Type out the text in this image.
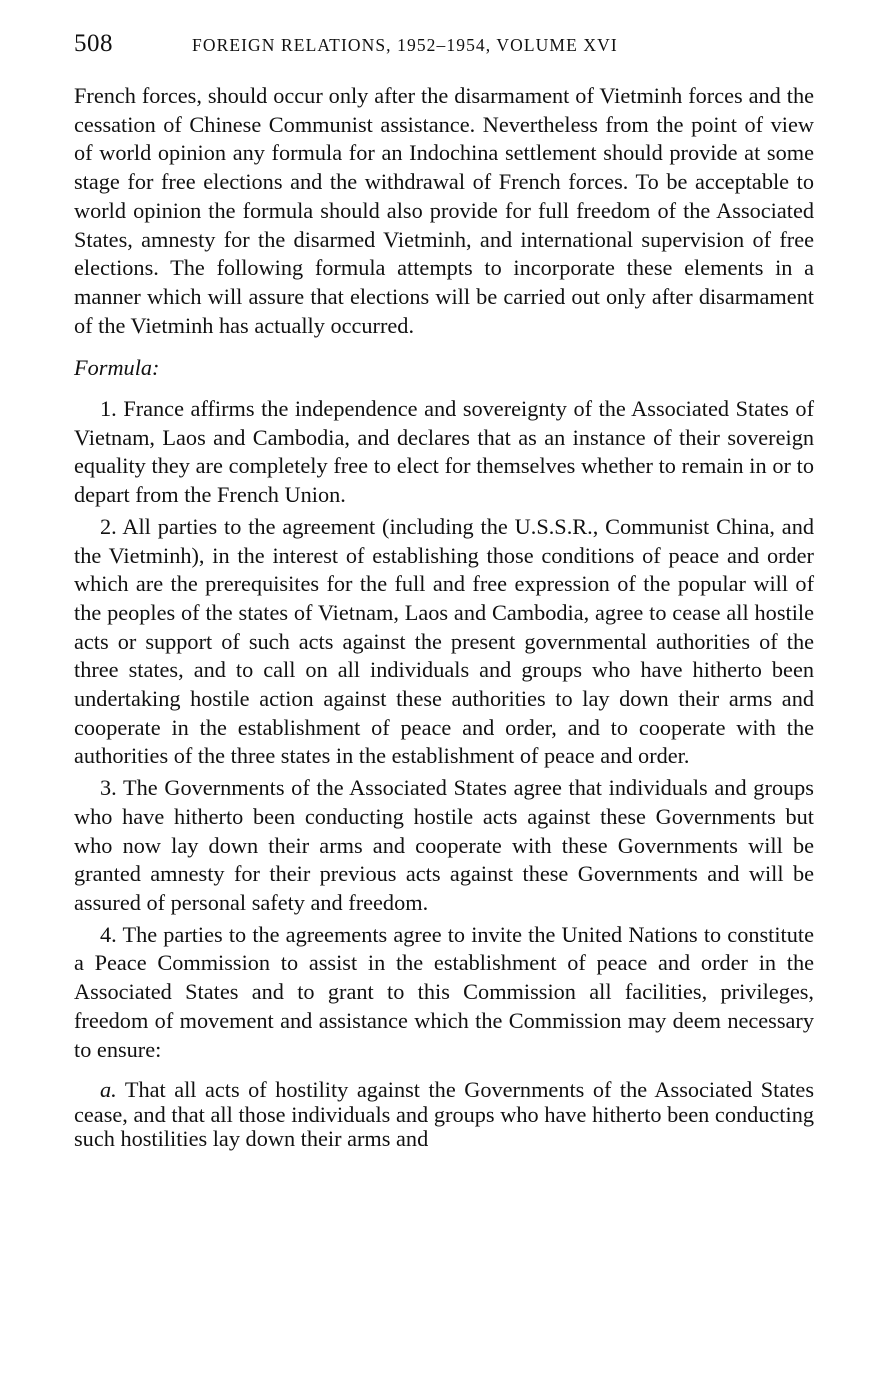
508	FOREIGN RELATIONS, 1952–1954, VOLUME XVI

French forces, should occur only after the disarmament of Vietminh forces and the cessation of Chinese Communist assistance. Nevertheless from the point of view of world opinion any formula for an Indochina settlement should provide at some stage for free elections and the withdrawal of French forces. To be acceptable to world opinion the formula should also provide for full freedom of the Associated States, amnesty for the disarmed Vietminh, and international supervision of free elections. The following formula attempts to incorporate these elements in a manner which will assure that elections will be carried out only after disarmament of the Vietminh has actually occurred.

Formula:

1. France affirms the independence and sovereignty of the Associated States of Vietnam, Laos and Cambodia, and declares that as an instance of their sovereign equality they are completely free to elect for themselves whether to remain in or to depart from the French Union.

2. All parties to the agreement (including the U.S.S.R., Communist China, and the Vietminh), in the interest of establishing those conditions of peace and order which are the prerequisites for the full and free expression of the popular will of the peoples of the states of Vietnam, Laos and Cambodia, agree to cease all hostile acts or support of such acts against the present governmental authorities of the three states, and to call on all individuals and groups who have hitherto been undertaking hostile action against these authorities to lay down their arms and cooperate in the establishment of peace and order, and to cooperate with the authorities of the three states in the establishment of peace and order.

3. The Governments of the Associated States agree that individuals and groups who have hitherto been conducting hostile acts against these Governments but who now lay down their arms and cooperate with these Governments will be granted amnesty for their previous acts against these Governments and will be assured of personal safety and freedom.

4. The parties to the agreements agree to invite the United Nations to constitute a Peace Commission to assist in the establishment of peace and order in the Associated States and to grant to this Commission all facilities, privileges, freedom of movement and assistance which the Commission may deem necessary to ensure:

a. That all acts of hostility against the Governments of the Associated States cease, and that all those individuals and groups who have hitherto been conducting such hostilities lay down their arms and
